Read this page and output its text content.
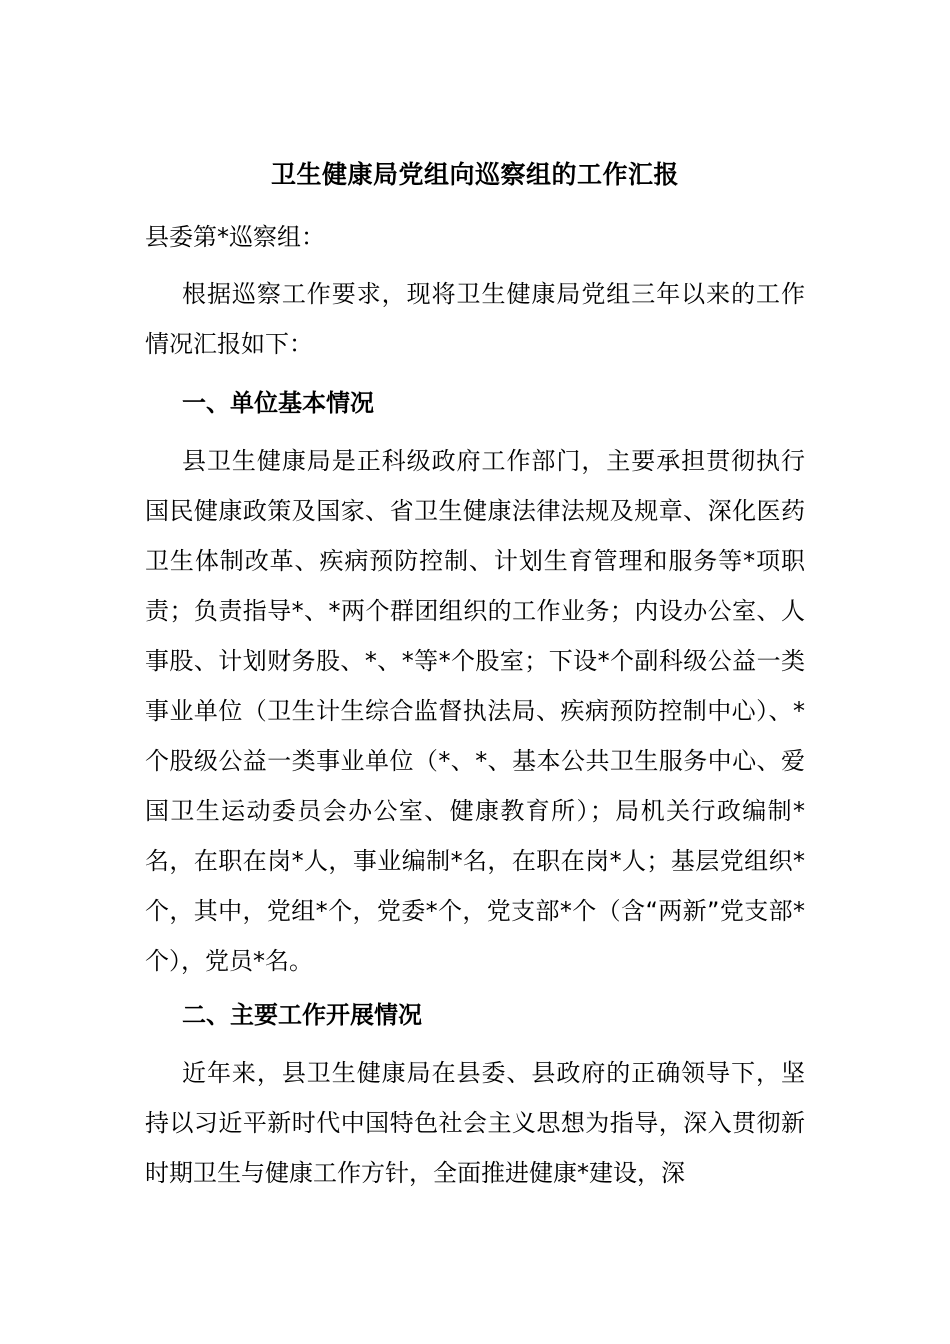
卫生健康局党组向巡察组的工作汇报
县委第*巡察组：

根据巡察工作要求，现将卫生健康局党组三年以来的工作情况汇报如下：

一、单位基本情况

县卫生健康局是正科级政府工作部门，主要承担贯彻执行国民健康政策及国家、省卫生健康法律法规及规章、深化医药卫生体制改革、疾病预防控制、计划生育管理和服务等*项职责；负责指导*、*两个群团组织的工作业务；内设办公室、人事股、计划财务股、*、*等*个股室；下设*个副科级公益一类事业单位（卫生计生综合监督执法局、疾病预防控制中心）、*个股级公益一类事业单位（*、*、基本公共卫生服务中心、爱国卫生运动委员会办公室、健康教育所）；局机关行政编制*名，在职在岗*人，事业编制*名，在职在岗*人；基层党组织*个，其中，党组*个，党委*个，党支部*个（含“两新”党支部*个），党员*名。

二、主要工作开展情况

近年来，县卫生健康局在县委、县政府的正确领导下，坚持以习近平新时代中国特色社会主义思想为指导，深入贯彻新时期卫生与健康工作方针，全面推进健康*建设，深
